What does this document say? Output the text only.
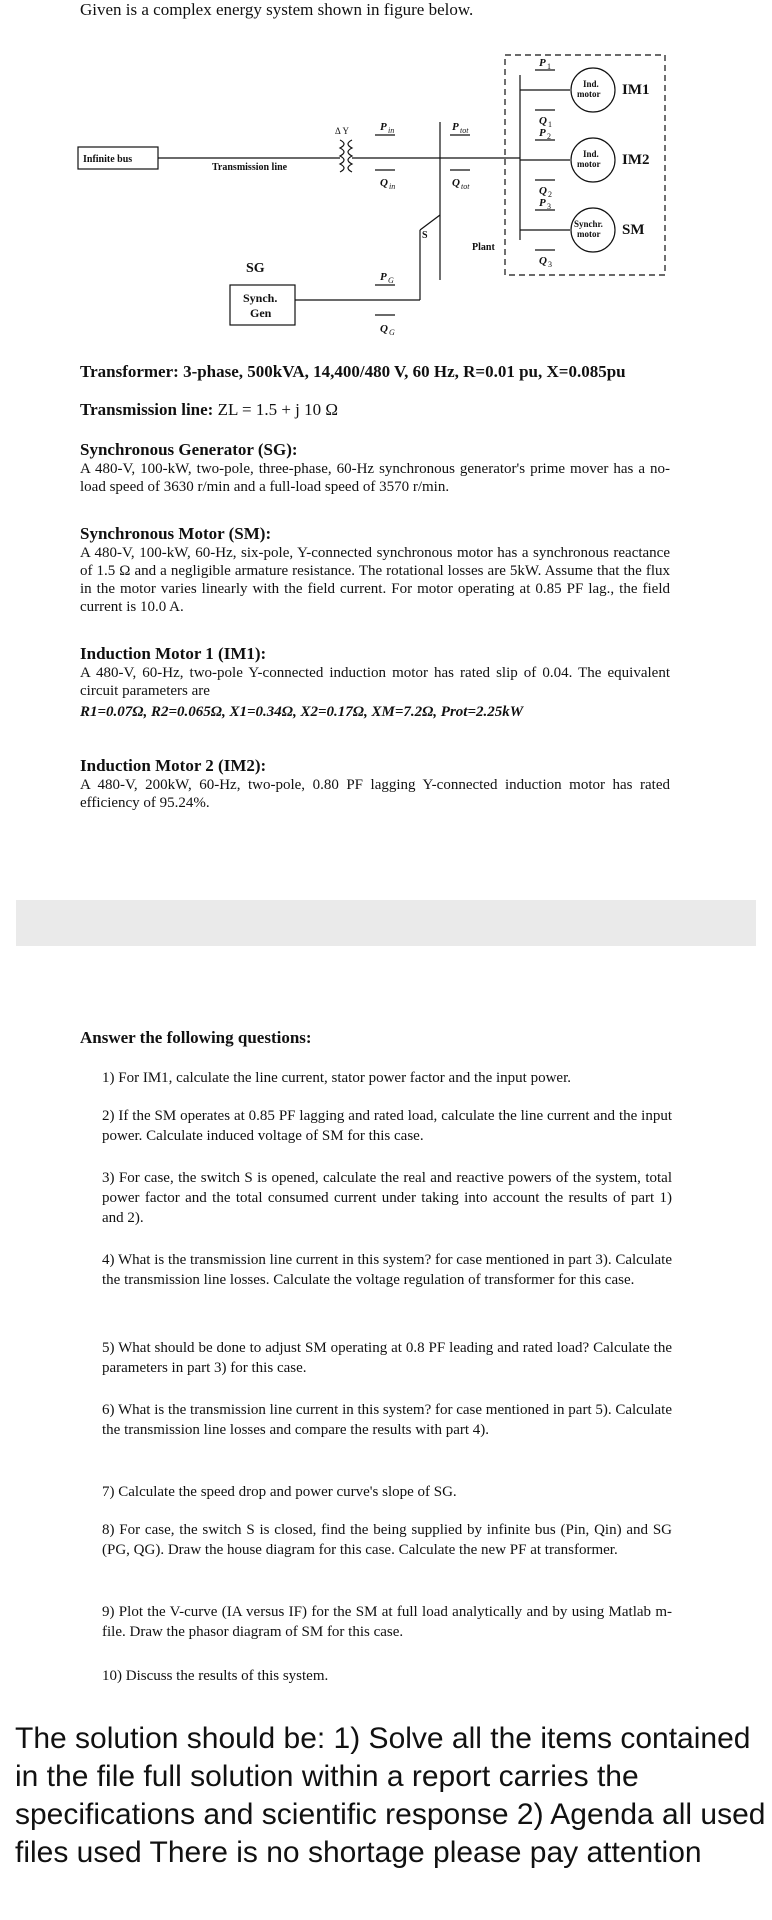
Given is a complex energy system shown in figure below.
Infinite bus
Transmission line
Δ Y	P in
Q in
S
P tot
Q tot
Plant
P 1
Q 1
P 2
Q 2
P 3
Q 3
Ind.
motor IM1
Ind.
motor IM2
Synchr.
motor SM
SG
Synch.
Gen
P G
Q G
Transformer: 3-phase, 500kVA, 14,400/480 V, 60 Hz, R=0.01 pu, X=0.085pu
Transmission line: ZL = 1.5 + j 10 Ω
Synchronous Generator (SG):
A 480-V, 100-kW, two-pole, three-phase, 60-Hz synchronous generator's prime mover has a no-load speed of 3630 r/min and a full-load speed of 3570 r/min.
Synchronous Motor (SM):
A 480-V, 100-kW, 60-Hz, six-pole, Y-connected synchronous motor has a synchronous reactance of 1.5 Ω and a negligible armature resistance. The rotational losses are 5kW. Assume that the flux in the motor varies linearly with the field current. For motor operating at 0.85 PF lag., the field current is 10.0 A.
Induction Motor 1 (IM1):
A 480-V, 60-Hz, two-pole Y-connected induction motor has rated slip of 0.04. The equivalent circuit parameters are
R1=0.07Ω, R2=0.065Ω, X1=0.34Ω, X2=0.17Ω, XM=7.2Ω, Prot=2.25kW
Induction Motor 2 (IM2):
A 480-V, 200kW, 60-Hz, two-pole, 0.80 PF lagging Y-connected induction motor has rated efficiency of 95.24%.
Answer the following questions:
1) For IM1, calculate the line current, stator power factor and the input power.
2) If the SM operates at 0.85 PF lagging and rated load, calculate the line current and the input power. Calculate induced voltage of SM for this case.
3) For case, the switch S is opened, calculate the real and reactive powers of the system, total power factor and the total consumed current under taking into account the results of part 1) and 2).
4) What is the transmission line current in this system? for case mentioned in part 3). Calculate the transmission line losses. Calculate the voltage regulation of transformer for this case.
5) What should be done to adjust SM operating at 0.8 PF leading and rated load? Calculate the parameters in part 3) for this case.
6) What is the transmission line current in this system? for case mentioned in part 5). Calculate the transmission line losses and compare the results with part 4).
7) Calculate the speed drop and power curve's slope of SG.
8) For case, the switch S is closed, find the being supplied by infinite bus (Pin, Qin) and SG (PG, QG). Draw the house diagram for this case. Calculate the new PF at transformer.
9) Plot the V-curve (IA versus IF) for the SM at full load analytically and by using Matlab m-file. Draw the phasor diagram of SM for this case.
10) Discuss the results of this system.
The solution should be: 1) Solve all the items contained in the file full solution within a report carries the specifications and scientific response 2) Agenda all used files used There is no shortage please pay attention
